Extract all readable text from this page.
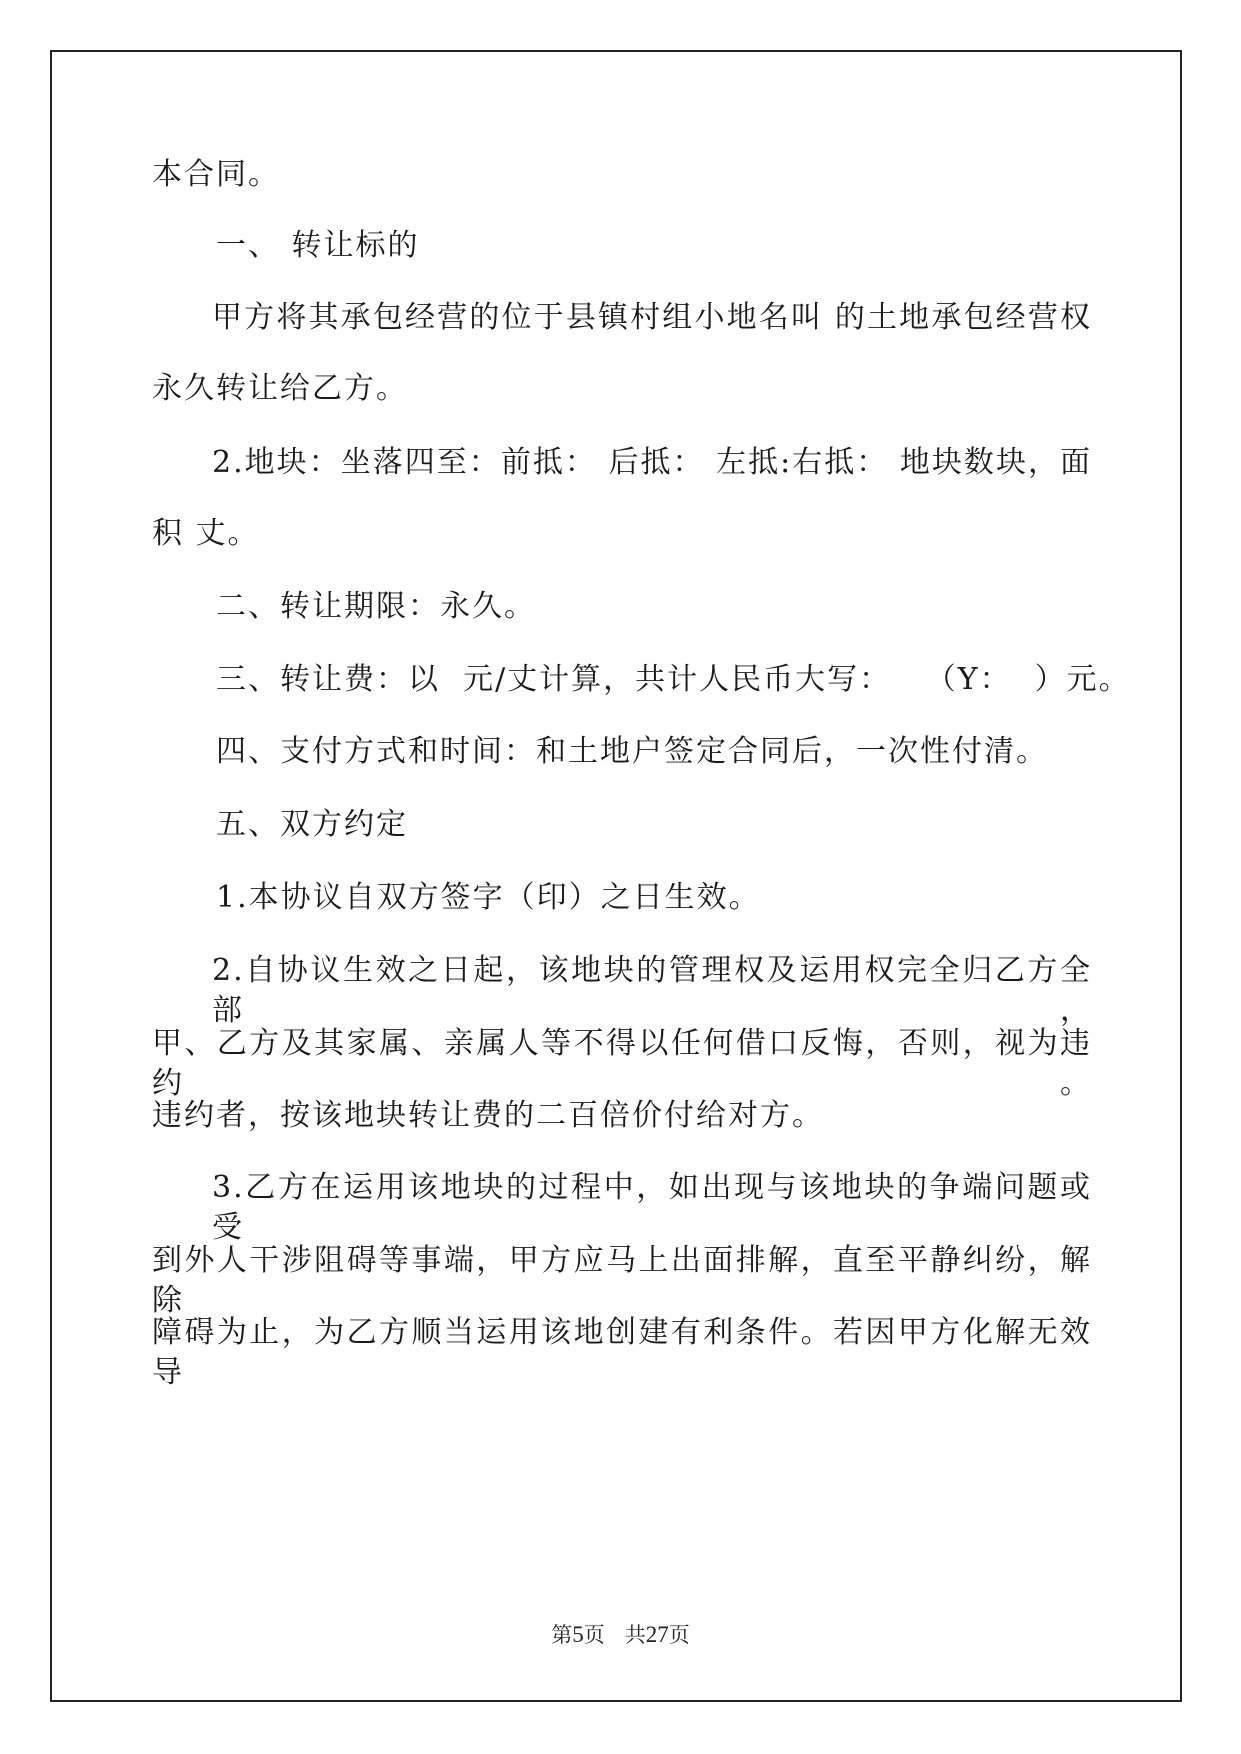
本合同。
　　一、 转让标的
甲方将其承包经营的位于县镇村组小地名叫 的土地承包经营权
永久转让给乙方。
2.地块：坐落四至：前抵： 后抵： 左抵:右抵： 地块数块，面
积 丈。
　　二、转让期限：永久。
　　三、转让费：以  元/丈计算，共计人民币大写：   （Y：  ）元。
　　四、支付方式和时间：和土地户签定合同后，一次性付清。
　　五、双方约定
　　1.本协议自双方签字（印）之日生效。
2.自协议生效之日起，该地块的管理权及运用权完全归乙方全部，
甲、乙方及其家属、亲属人等不得以任何借口反悔，否则，视为违约。
违约者，按该地块转让费的二百倍价付给对方。
3.乙方在运用该地块的过程中，如出现与该地块的争端问题或受
到外人干涉阻碍等事端，甲方应马上出面排解，直至平静纠纷，解除
障碍为止，为乙方顺当运用该地创建有利条件。若因甲方化解无效导
第5页 共27页
